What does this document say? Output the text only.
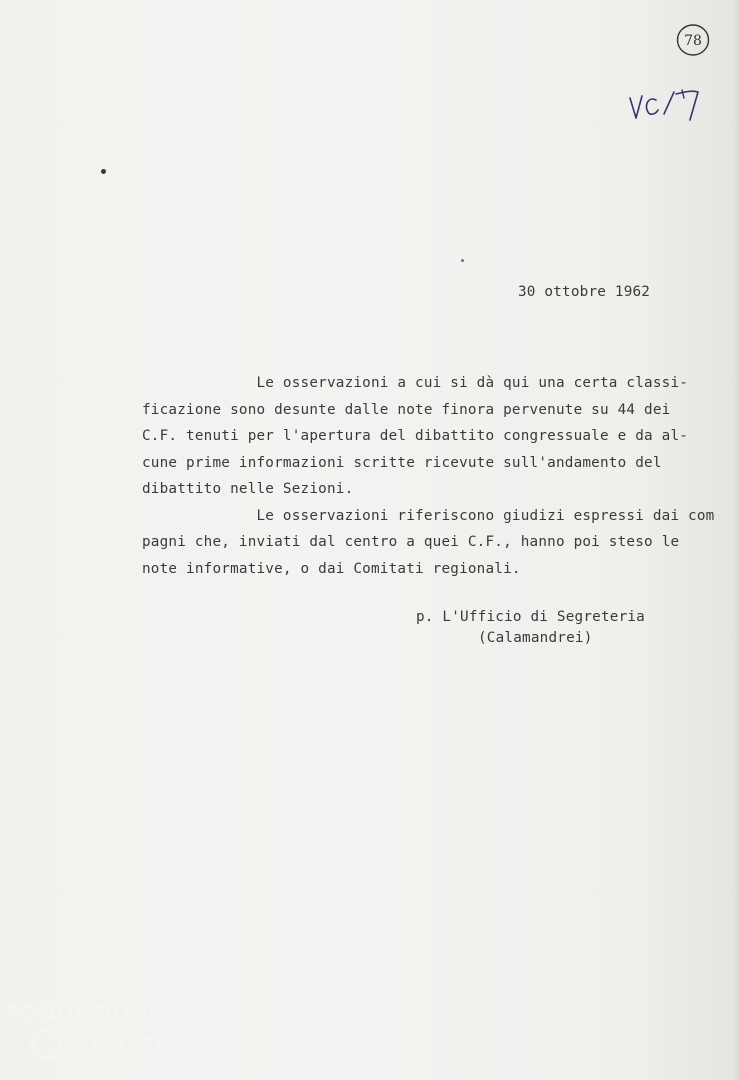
78

30 ottobre 1962

Le osservazioni a cui si dà qui una certa classi-

ficazione sono desunte dalle note finora pervenute su 44 dei

C.F. tenuti per l'apertura del dibattito congressuale e da al-

cune prime informazioni scritte ricevute sull'andamento del

dibattito nelle Sezioni.

Le osservazioni riferiscono giudizi espressi dai com

pagni che, inviati dal centro a quei C.F., hanno poi steso le

note informative, o dai Comitati regionali.

p. L'Ufficio di Segreteria

(Calamandrei)

FONDAZIONE
GRAMSCI
